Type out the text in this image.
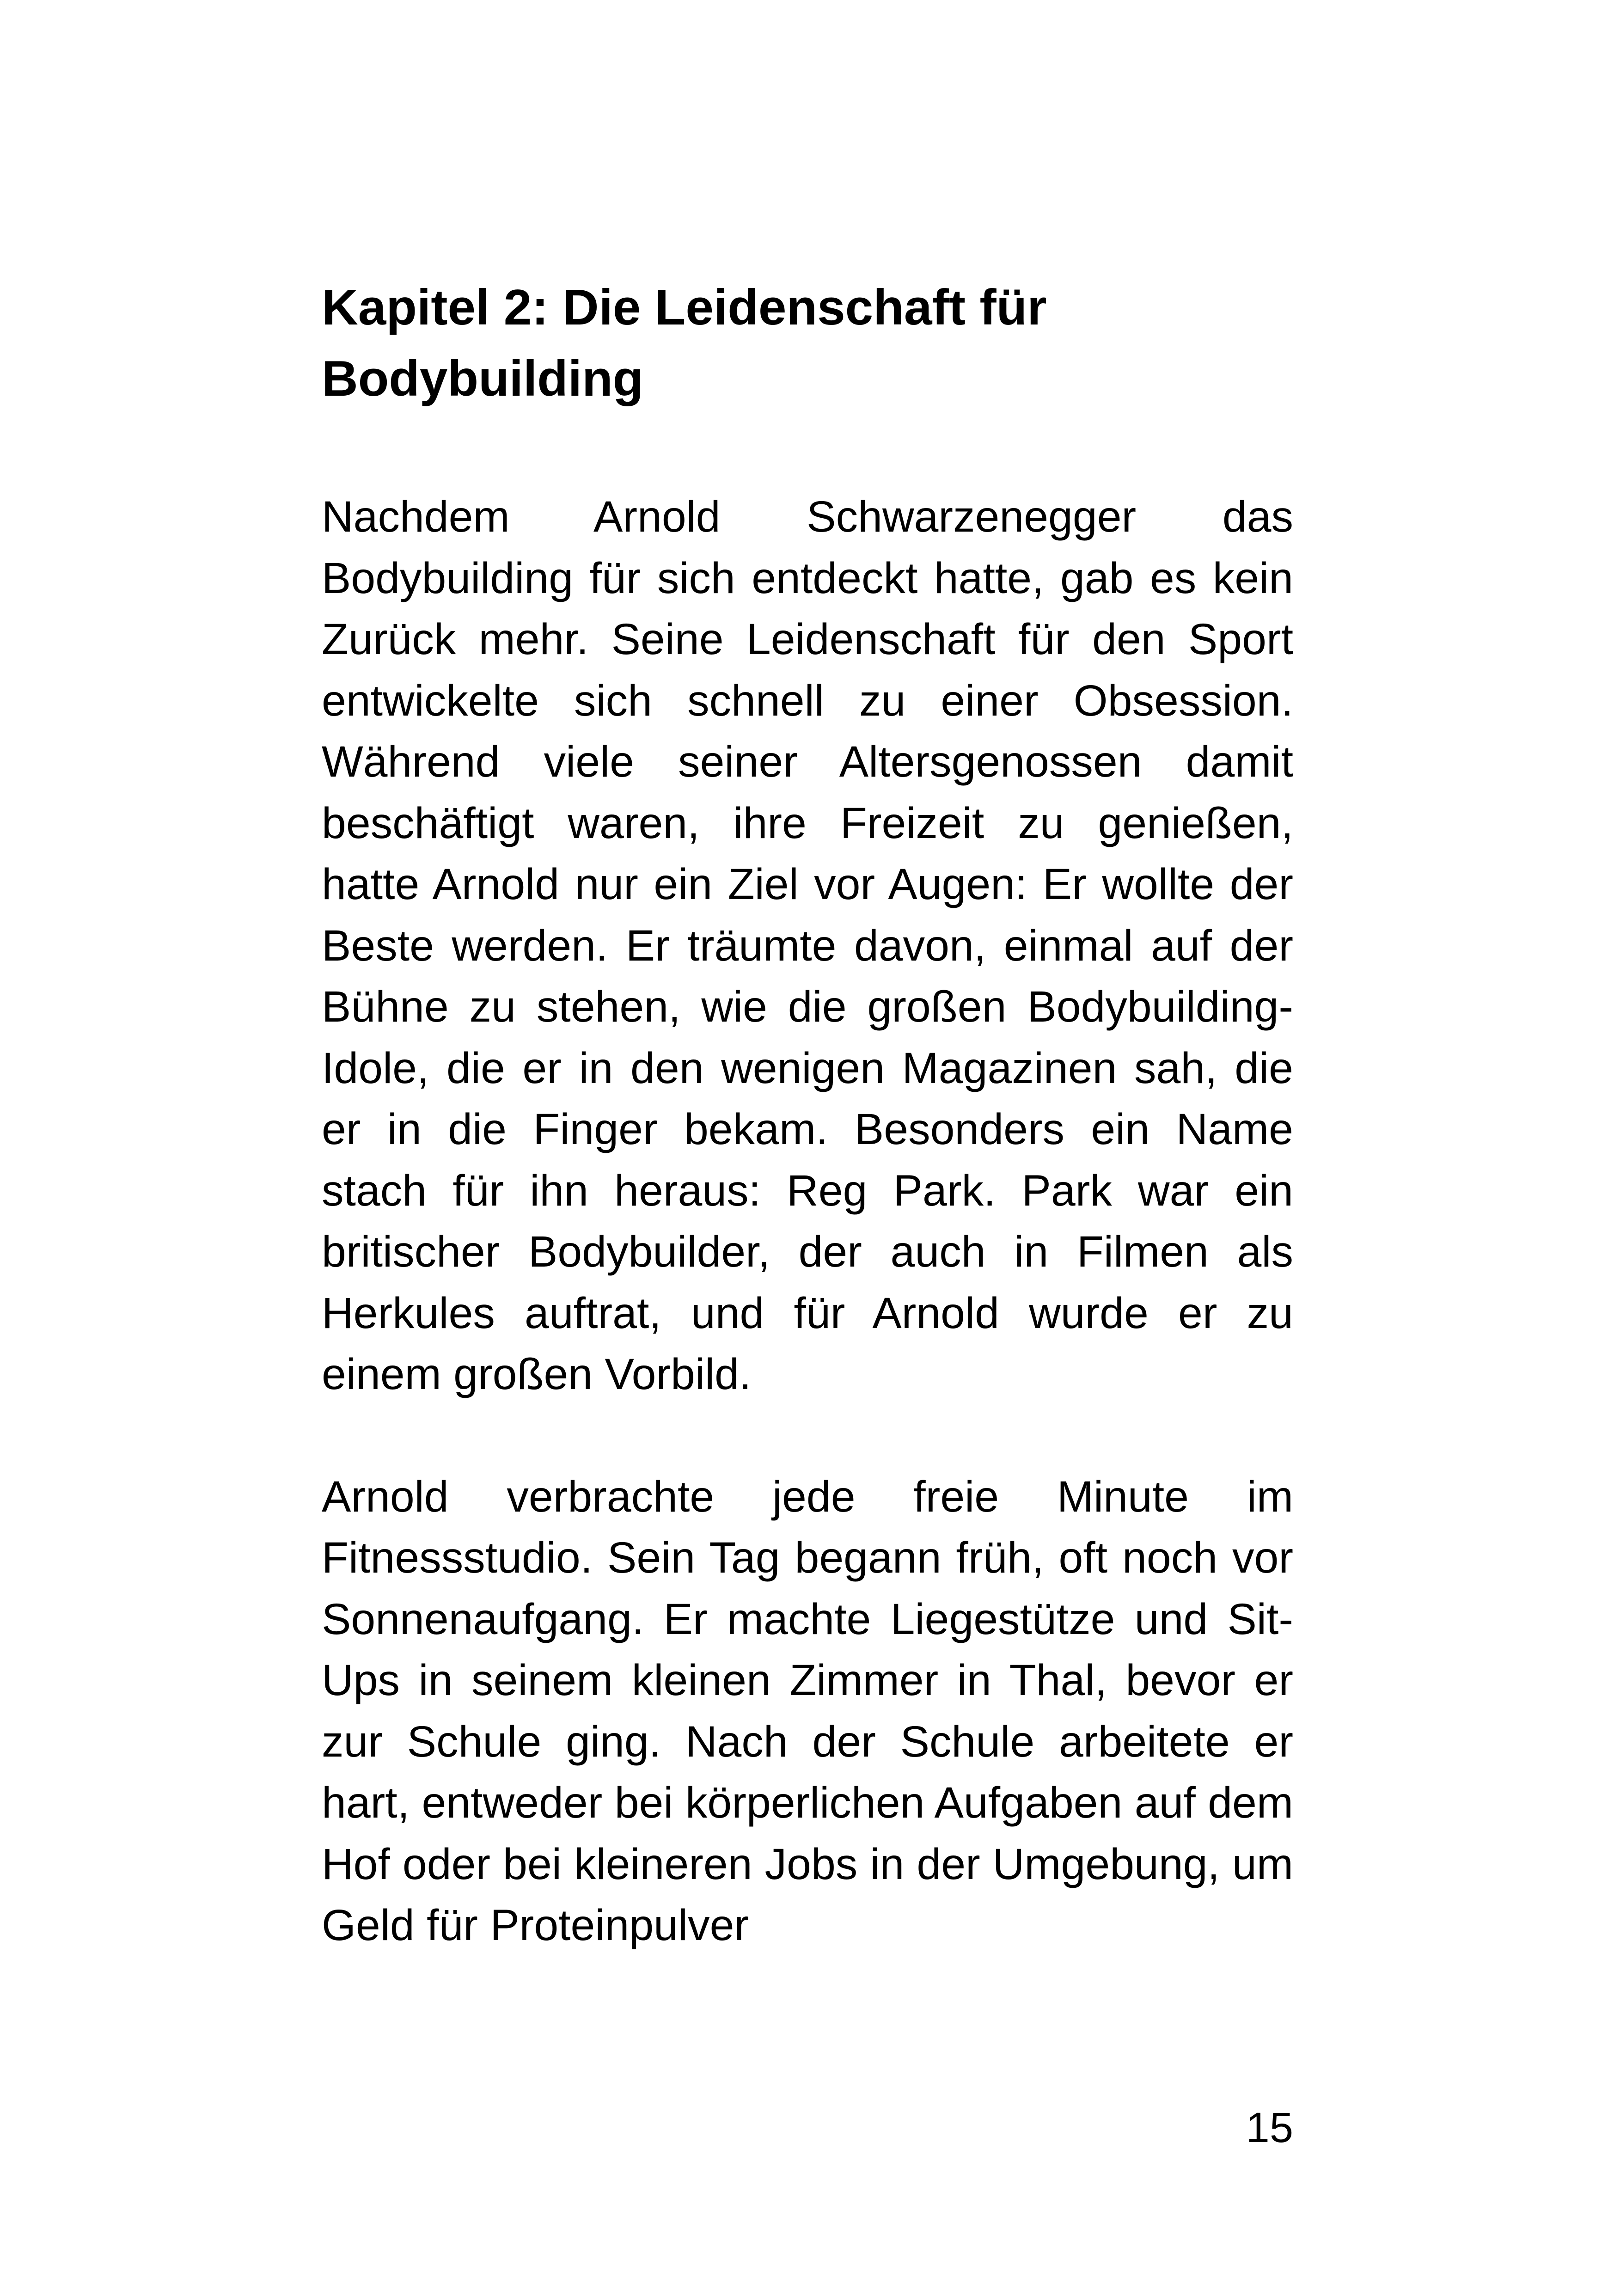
Kapitel 2: Die Leidenschaft für Bodybuilding

Nachdem Arnold Schwarzenegger das Bodybuilding für sich entdeckt hatte, gab es kein Zurück mehr. Seine Leidenschaft für den Sport entwickelte sich schnell zu einer Obsession. Während viele seiner Altersgenossen damit beschäftigt waren, ihre Freizeit zu genießen, hatte Arnold nur ein Ziel vor Augen: Er wollte der Beste werden. Er träumte davon, einmal auf der Bühne zu stehen, wie die großen Bodybuilding-Idole, die er in den wenigen Magazinen sah, die er in die Finger bekam. Besonders ein Name stach für ihn heraus: Reg Park. Park war ein britischer Bodybuilder, der auch in Filmen als Herkules auftrat, und für Arnold wurde er zu einem großen Vorbild.

Arnold verbrachte jede freie Minute im Fitnessstudio. Sein Tag begann früh, oft noch vor Sonnenaufgang. Er machte Liegestütze und Sit-Ups in seinem kleinen Zimmer in Thal, bevor er zur Schule ging. Nach der Schule arbeitete er hart, entweder bei körperlichen Aufgaben auf dem Hof oder bei kleineren Jobs in der Umgebung, um Geld für Proteinpulver

15
